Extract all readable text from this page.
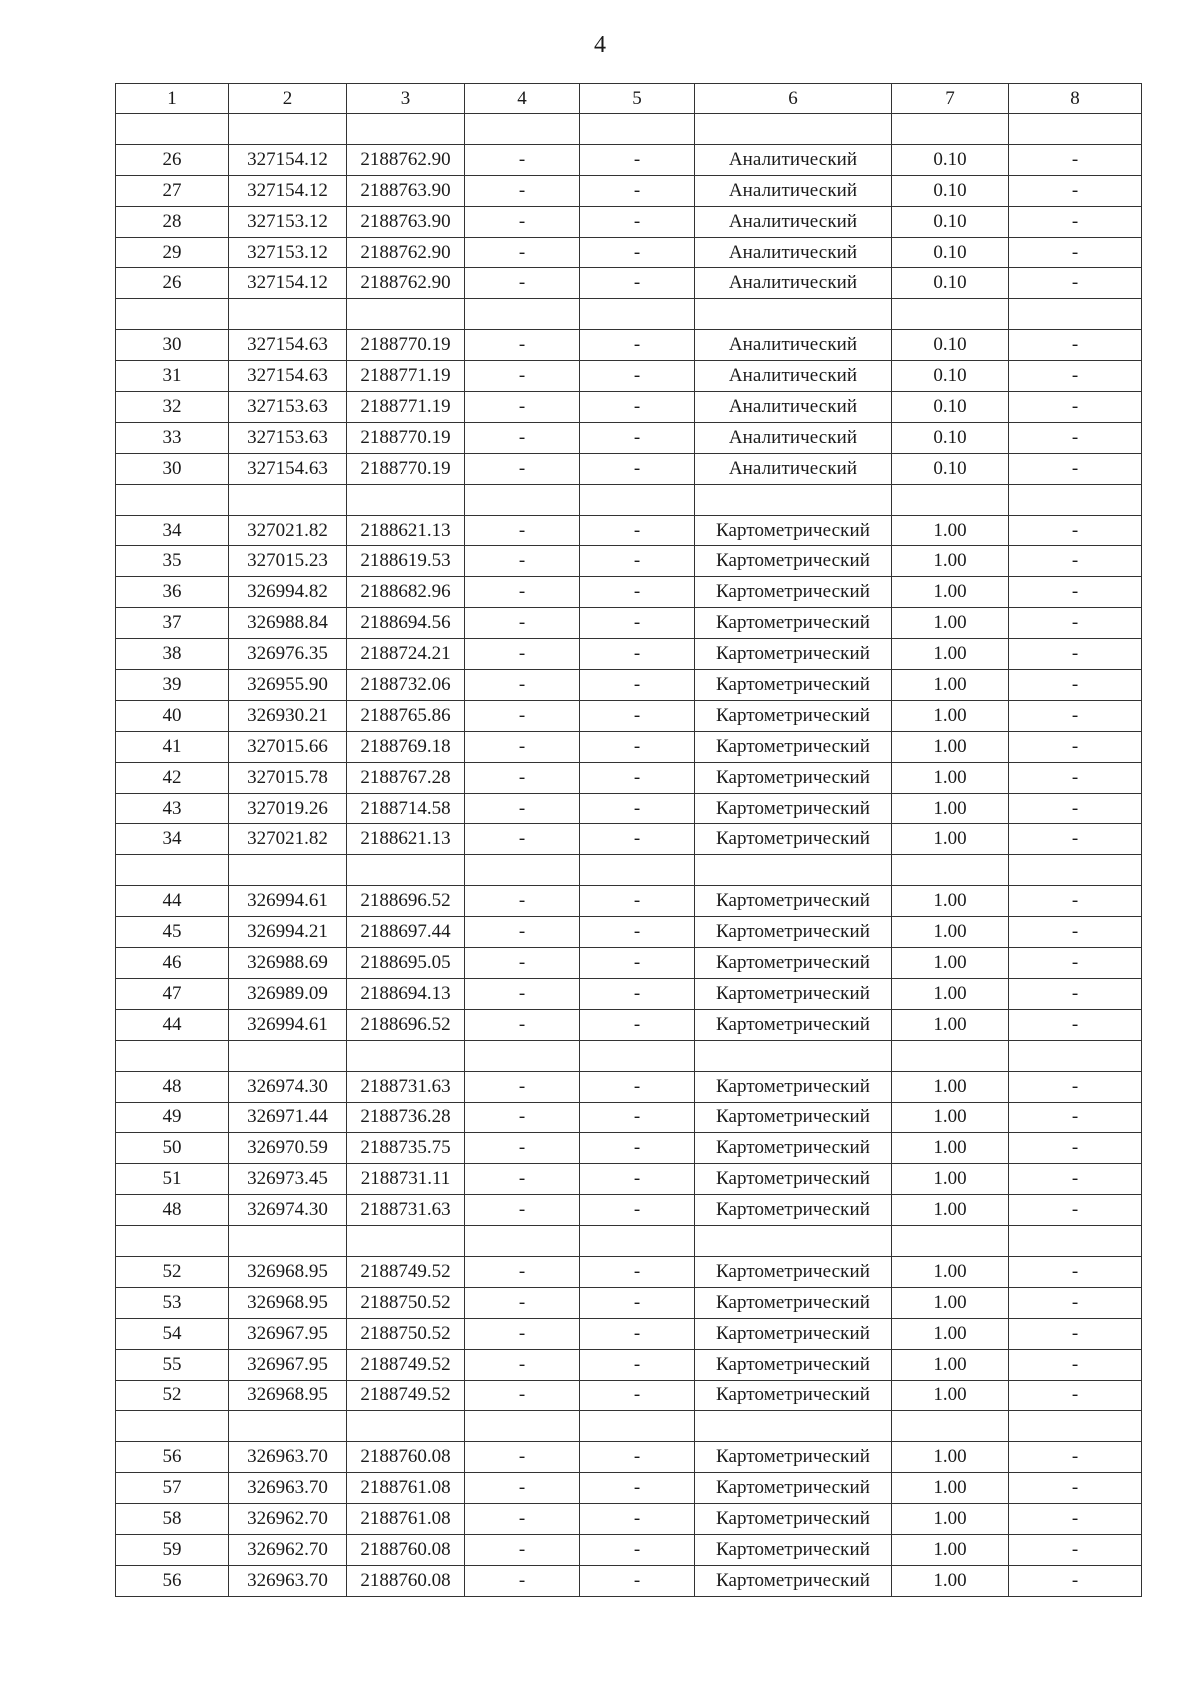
4
1	2	3	4	5	6	7	8

26	327154.12	2188762.90	-	-	Аналитический	0.10	-
27	327154.12	2188763.90	-	-	Аналитический	0.10	-
28	327153.12	2188763.90	-	-	Аналитический	0.10	-
29	327153.12	2188762.90	-	-	Аналитический	0.10	-
26	327154.12	2188762.90	-	-	Аналитический	0.10	-

30	327154.63	2188770.19	-	-	Аналитический	0.10	-
31	327154.63	2188771.19	-	-	Аналитический	0.10	-
32	327153.63	2188771.19	-	-	Аналитический	0.10	-
33	327153.63	2188770.19	-	-	Аналитический	0.10	-
30	327154.63	2188770.19	-	-	Аналитический	0.10	-

34	327021.82	2188621.13	-	-	Картометрический	1.00	-
35	327015.23	2188619.53	-	-	Картометрический	1.00	-
36	326994.82	2188682.96	-	-	Картометрический	1.00	-
37	326988.84	2188694.56	-	-	Картометрический	1.00	-
38	326976.35	2188724.21	-	-	Картометрический	1.00	-
39	326955.90	2188732.06	-	-	Картометрический	1.00	-
40	326930.21	2188765.86	-	-	Картометрический	1.00	-
41	327015.66	2188769.18	-	-	Картометрический	1.00	-
42	327015.78	2188767.28	-	-	Картометрический	1.00	-
43	327019.26	2188714.58	-	-	Картометрический	1.00	-
34	327021.82	2188621.13	-	-	Картометрический	1.00	-

44	326994.61	2188696.52	-	-	Картометрический	1.00	-
45	326994.21	2188697.44	-	-	Картометрический	1.00	-
46	326988.69	2188695.05	-	-	Картометрический	1.00	-
47	326989.09	2188694.13	-	-	Картометрический	1.00	-
44	326994.61	2188696.52	-	-	Картометрический	1.00	-

48	326974.30	2188731.63	-	-	Картометрический	1.00	-
49	326971.44	2188736.28	-	-	Картометрический	1.00	-
50	326970.59	2188735.75	-	-	Картометрический	1.00	-
51	326973.45	2188731.11	-	-	Картометрический	1.00	-
48	326974.30	2188731.63	-	-	Картометрический	1.00	-

52	326968.95	2188749.52	-	-	Картометрический	1.00	-
53	326968.95	2188750.52	-	-	Картометрический	1.00	-
54	326967.95	2188750.52	-	-	Картометрический	1.00	-
55	326967.95	2188749.52	-	-	Картометрический	1.00	-
52	326968.95	2188749.52	-	-	Картометрический	1.00	-

56	326963.70	2188760.08	-	-	Картометрический	1.00	-
57	326963.70	2188761.08	-	-	Картометрический	1.00	-
58	326962.70	2188761.08	-	-	Картометрический	1.00	-
59	326962.70	2188760.08	-	-	Картометрический	1.00	-
56	326963.70	2188760.08	-	-	Картометрический	1.00	-
